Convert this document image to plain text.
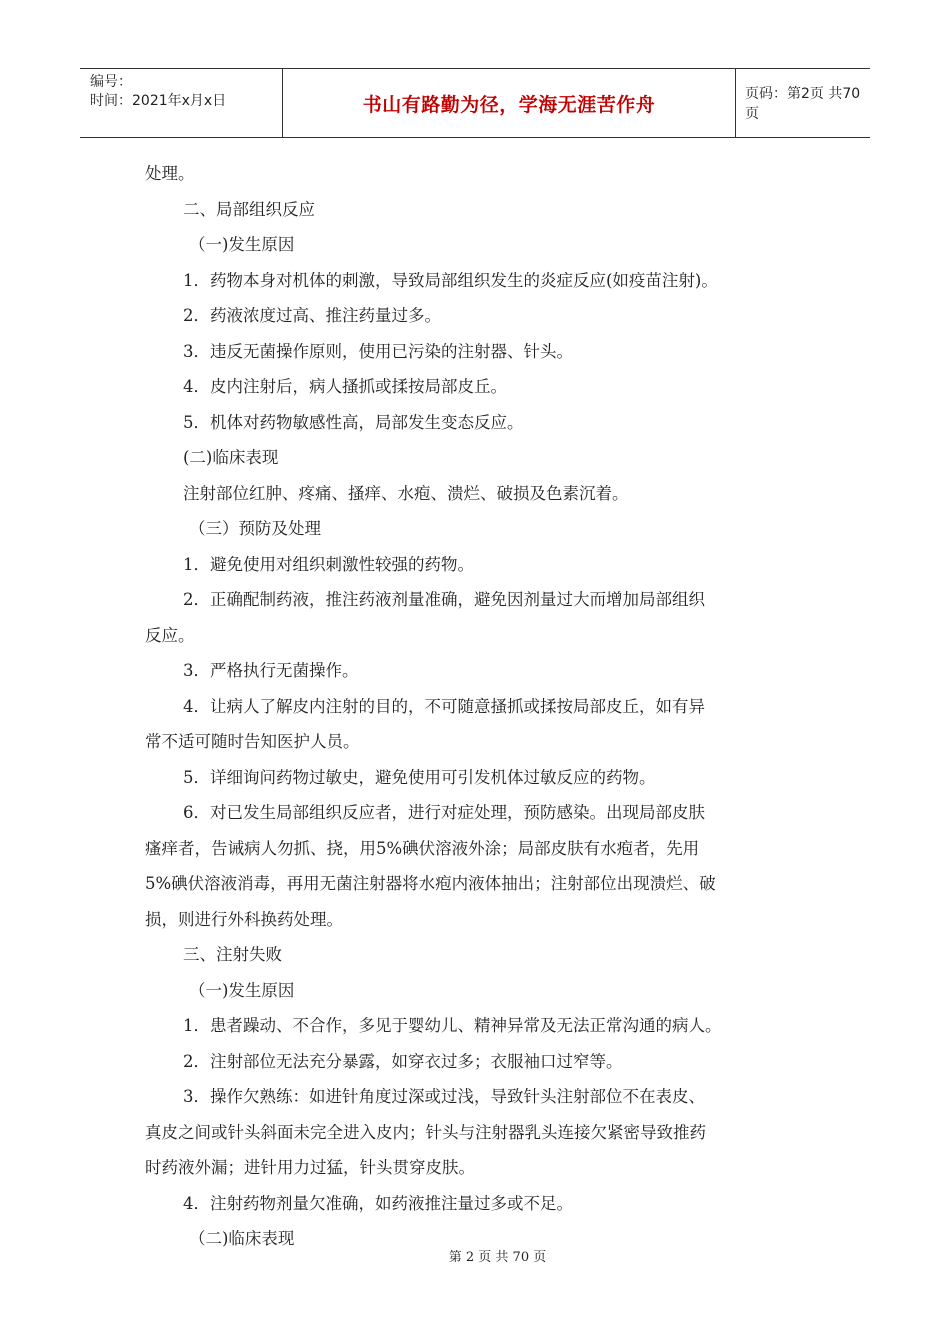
编号：
时间：2021年x月x日	书山有路勤为径，学海无涯苦作舟	页码：第2页 共70页
处理。
二、局部组织反应
（一)发生原因
1．药物本身对机体的刺激，导致局部组织发生的炎症反应(如疫苗注射)。
2．药液浓度过高、推注药量过多。
3．违反无菌操作原则，使用已污染的注射器、针头。
4．皮内注射后，病人搔抓或揉按局部皮丘。
5．机体对药物敏感性高，局部发生变态反应。
(二)临床表现
注射部位红肿、疼痛、搔痒、水疱、溃烂、破损及色素沉着。
（三）预防及处理
1．避免使用对组织刺激性较强的药物。
2．正确配制药液，推注药液剂量准确，避免因剂量过大而增加局部组织
反应。
3．严格执行无菌操作。
4．让病人了解皮内注射的目的，不可随意搔抓或揉按局部皮丘，如有异
常不适可随时告知医护人员。
5．详细询问药物过敏史，避免使用可引发机体过敏反应的药物。
6．对已发生局部组织反应者，进行对症处理，预防感染。出现局部皮肤
瘙痒者，告诫病人勿抓、挠，用5%碘伏溶液外涂；局部皮肤有水疱者，先用
5%碘伏溶液消毒，再用无菌注射器将水疱内液体抽出；注射部位出现溃烂、破
损，则进行外科换药处理。
三、注射失败
（一)发生原因
1．患者躁动、不合作，多见于婴幼儿、精神异常及无法正常沟通的病人。
2．注射部位无法充分暴露，如穿衣过多；衣服袖口过窄等。
3．操作欠熟练：如进针角度过深或过浅，导致针头注射部位不在表皮、
真皮之间或针头斜面未完全进入皮内；针头与注射器乳头连接欠紧密导致推药
时药液外漏；进针用力过猛，针头贯穿皮肤。
4．注射药物剂量欠准确，如药液推注量过多或不足。
（二)临床表现
第 2 页 共 70 页
